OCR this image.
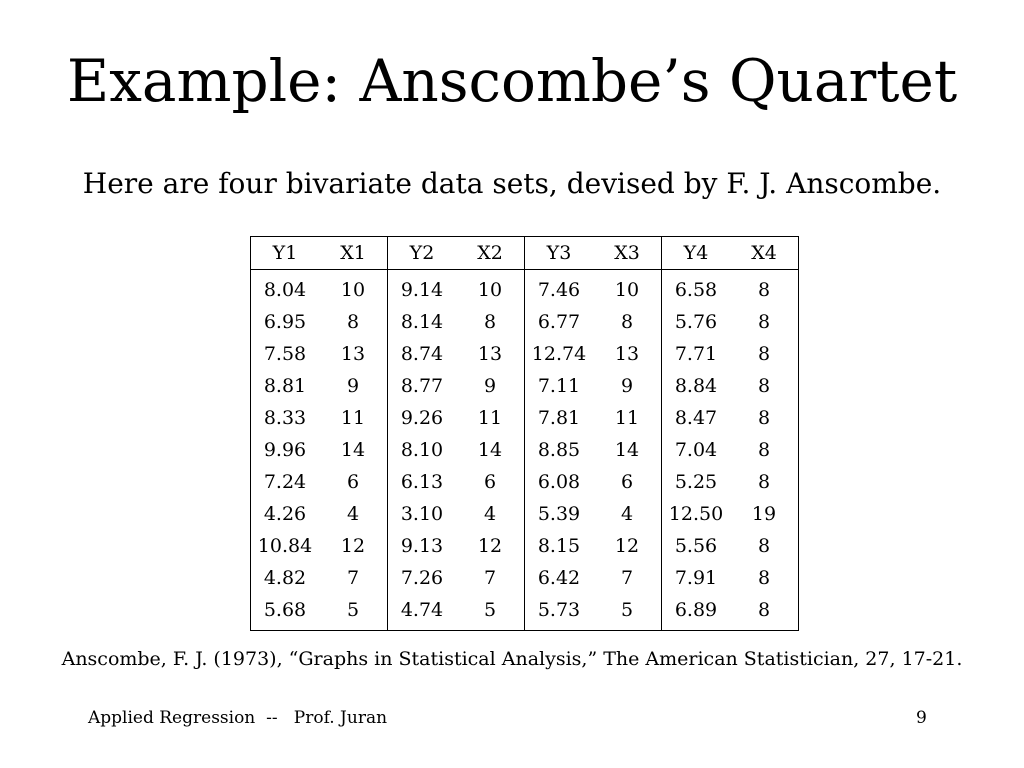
Example: Anscombe’s Quartet
Here are four bivariate data sets, devised by F. J. Anscombe.
Y1	X1	Y2	X2	Y3	X3	Y4	X4
8.04	10	9.14	10	7.46	10	6.58	8
6.95	8	8.14	8	6.77	8	5.76	8
7.58	13	8.74	13	12.74	13	7.71	8
8.81	9	8.77	9	7.11	9	8.84	8
8.33	11	9.26	11	7.81	11	8.47	8
9.96	14	8.10	14	8.85	14	7.04	8
7.24	6	6.13	6	6.08	6	5.25	8
4.26	4	3.10	4	5.39	4	12.50	19
10.84	12	9.13	12	8.15	12	5.56	8
4.82	7	7.26	7	6.42	7	7.91	8
5.68	5	4.74	5	5.73	5	6.89	8
Anscombe, F. J. (1973), “Graphs in Statistical Analysis,” The American Statistician, 27, 17-21.
Applied Regression  --   Prof. Juran	9
